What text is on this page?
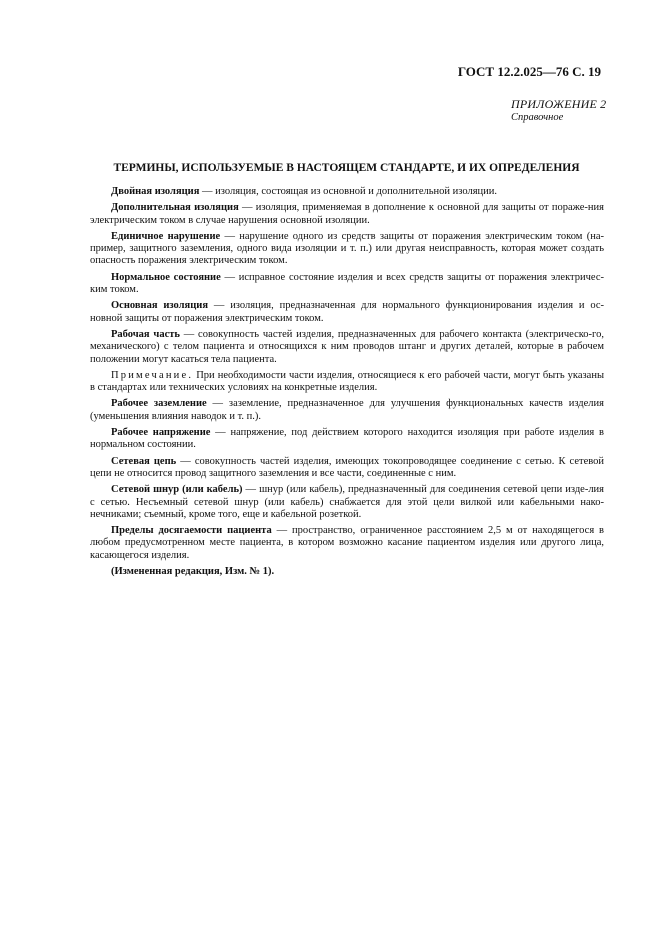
ГОСТ 12.2.025—76 С. 19
ПРИЛОЖЕНИЕ 2
Справочное
ТЕРМИНЫ, ИСПОЛЬЗУЕМЫЕ В НАСТОЯЩЕМ СТАНДАРТЕ, И ИХ ОПРЕДЕЛЕНИЯ

  Двойная изоляция — изоляция, состоящая из основной и дополнительной изоляции.

  Дополнительная изоляция — изоляция, применяемая в дополнение к основной для защиты от пораже-ния электрическим током в случае нарушения основной изоляции.

  Единичное нарушение — нарушение одного из средств защиты от поражения электрическим током (на-пример, защитного заземления, одного вида изоляции и т. п.) или другая неисправность, которая может создать опасность поражения электрическим током.

  Нормальное состояние — исправное состояние изделия и всех средств защиты от поражения электричес-ким током.

  Основная изоляция — изоляция, предназначенная для нормального функционирования изделия и ос-новной защиты от поражения электрическим током.

  Рабочая часть — совокупность частей изделия, предназначенных для рабочего контакта (электрическо-го, механического) с телом пациента и относящихся к ним проводов штанг и других деталей, которые в рабочем положении могут касаться тела пациента.

  Примечание. При необходимости части изделия, относящиеся к его рабочей части, могут быть указаны в стандартах или технических условиях на конкретные изделия.

  Рабочее заземление — заземление, предназначенное для улучшения функциональных качеств изделия (уменьшения влияния наводок и т. п.).

  Рабочее напряжение — напряжение, под действием которого находится изоляция при работе изделия в нормальном состоянии.

  Сетевая цепь — совокупность частей изделия, имеющих токопроводящее соединение с сетью. К сетевой цепи не относится провод защитного заземления и все части, соединенные с ним.

  Сетевой шнур (или кабель) — шнур (или кабель), предназначенный для соединения сетевой цепи изде-лия с сетью. Несъемный сетевой шнур (или кабель) снабжается для этой цели вилкой или кабельными нако-нечниками; съемный, кроме того, еще и кабельной розеткой.

  Пределы досягаемости пациента — пространство, ограниченное расстоянием 2,5 м от находящегося в любом предусмотренном месте пациента, в котором возможно касание пациентом изделия или другого лица, касающегося изделия.

  (Измененная редакция, Изм. № 1).
